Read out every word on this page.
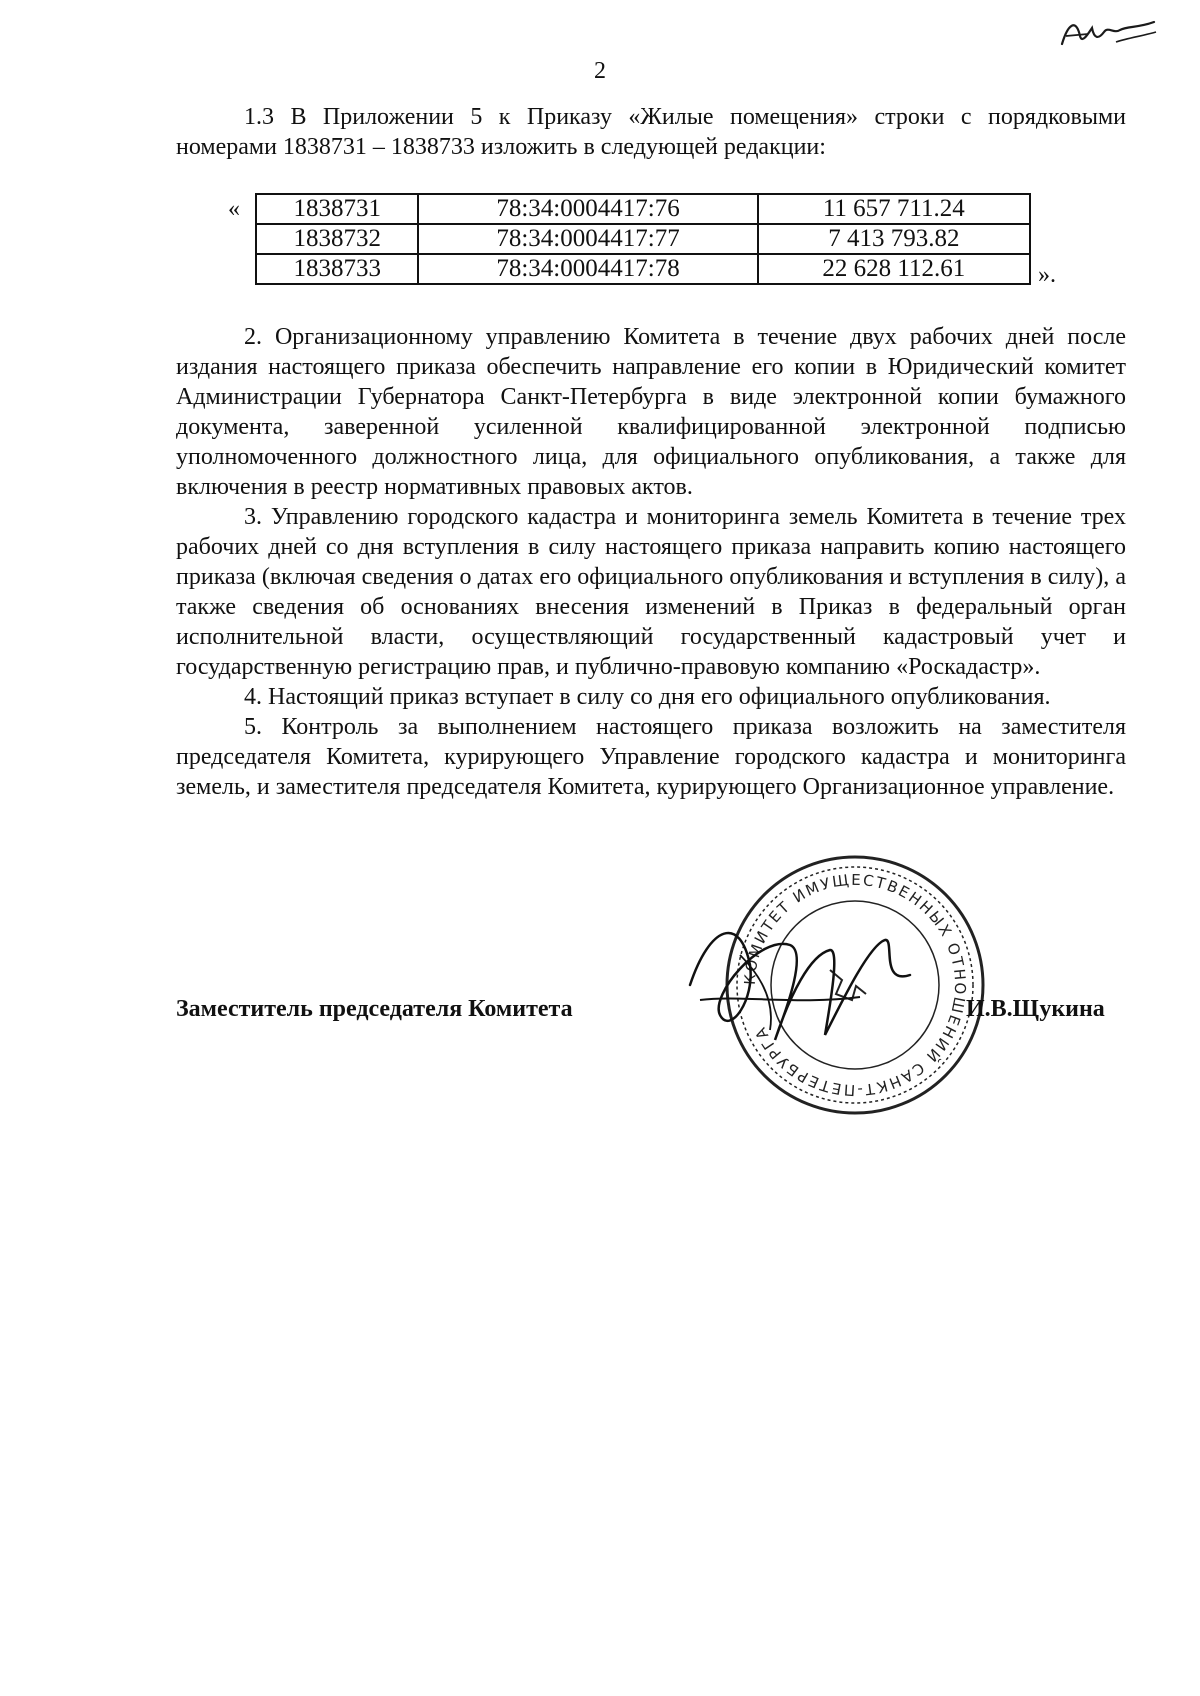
2

1.3 В Приложении 5 к Приказу «Жилые помещения» строки с порядковыми номерами 1838731 – 1838733 изложить в следующей редакции:

« 1838731	78:34:0004417:76	11 657 711.24
1838732	78:34:0004417:77	7 413 793.82
1838733	78:34:0004417:78	22 628 112.61	».

2. Организационному управлению Комитета в течение двух рабочих дней после издания настоящего приказа обеспечить направление его копии в Юридический комитет Администрации Губернатора Санкт-Петербурга в виде электронной копии бумажного документа, заверенной усиленной квалифицированной электронной подписью уполномоченного должностного лица, для официального опубликования, а также для включения в реестр нормативных правовых актов.

3. Управлению городского кадастра и мониторинга земель Комитета в течение трех рабочих дней со дня вступления в силу настоящего приказа направить копию настоящего приказа (включая сведения о датах его официального опубликования и вступления в силу), а также сведения об основаниях внесения изменений в Приказ в федеральный орган исполнительной власти, осуществляющий государственный кадастровый учет и государственную регистрацию прав, и публично-правовую компанию «Роскадастр».

4. Настоящий приказ вступает в силу со дня его официального опубликования.

5. Контроль за выполнением настоящего приказа возложить на заместителя председателя Комитета, курирующего Управление городского кадастра и мониторинга земель, и заместителя председателя Комитета, курирующего Организационное управление.

КОМИТЕТ ИМУЩЕСТВЕННЫХ ОТНОШЕНИЙ САНКТ-ПЕТЕРБУРГА
Заместитель председателя Комитета	И.В.Щукина
